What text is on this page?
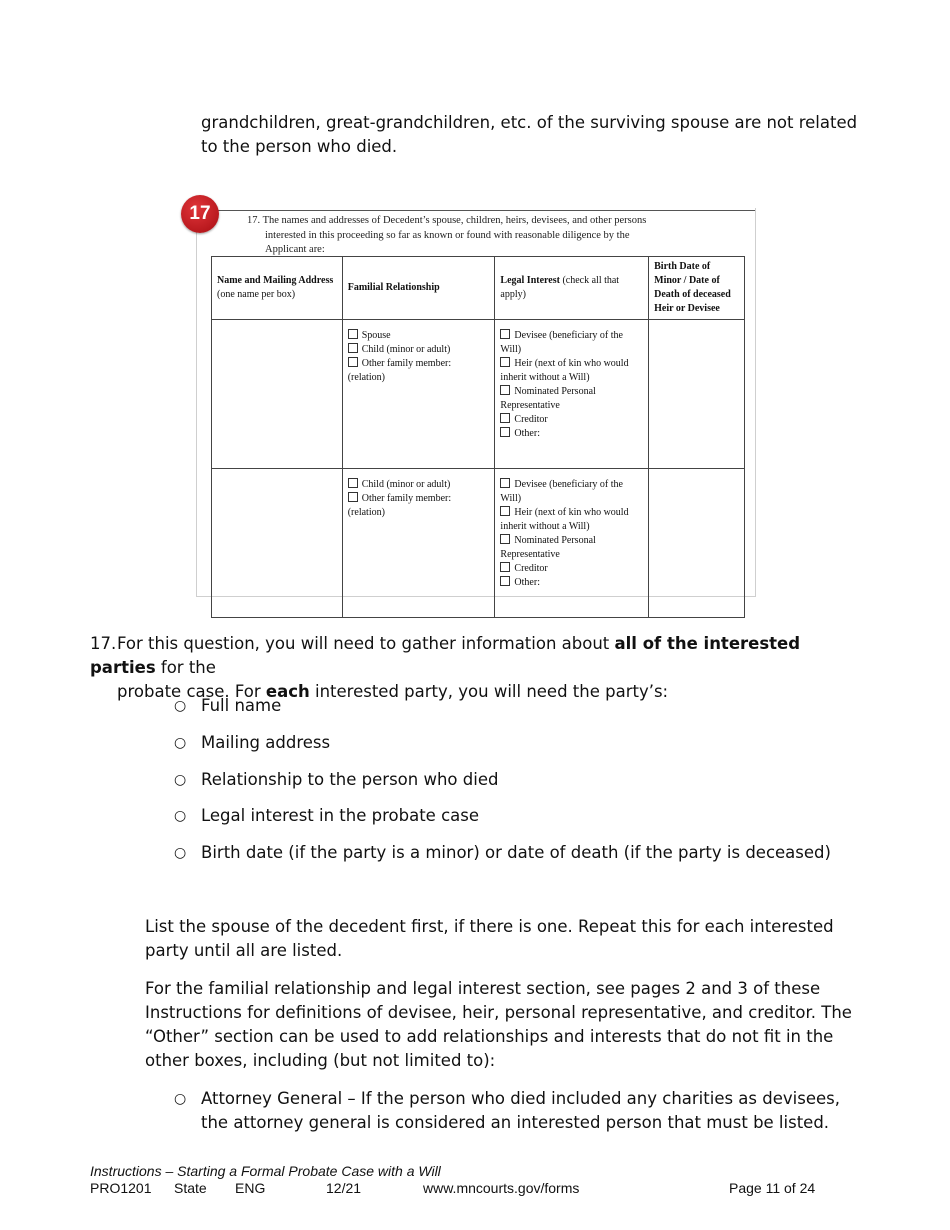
grandchildren, great-grandchildren, etc. of the surviving spouse are not related to the person who died.
17. The names and addresses of Decedent’s spouse, children, heirs, devisees, and other persons
interested in this proceeding so far as known or found with reasonable diligence by the
Applicant are:
Name and Mailing Address (one name per box)	Familial Relationship	Legal Interest (check all that apply)	Birth Date of Minor / Date of Death of deceased Heir or Devisee

	Spouse
Child (minor or adult)
Other family member:
(relation)	Devisee (beneficiary of the Will)
Heir (next of kin who would inherit without a Will)
Nominated Personal Representative
Creditor
Other:	

	Child (minor or adult)
Other family member:
(relation)	Devisee (beneficiary of the Will)
Heir (next of kin who would inherit without a Will)
Nominated Personal Representative
Creditor
Other:	

17
17.For this question, you will need to gather information about all of the interested parties for the
probate case. For each interested party, you will need the party’s:
○ Full name
○ Mailing address
○ Relationship to the person who died
○ Legal interest in the probate case
○ Birth date (if the party is a minor) or date of death (if the party is deceased)
List the spouse of the decedent first, if there is one. Repeat this for each interested party until all are listed.
For the familial relationship and legal interest section, see pages 2 and 3 of these Instructions for definitions of devisee, heir, personal representative, and creditor. The “Other” section can be used to add relationships and interests that do not fit in the other boxes, including (but not limited to):
○ Attorney General – If the person who died included any charities as devisees, the attorney general is considered an interested person that must be listed.
Instructions – Starting a Formal Probate Case with a Will
PRO1201 State ENG	12/21	www.mncourts.gov/forms	Page 11 of 24
